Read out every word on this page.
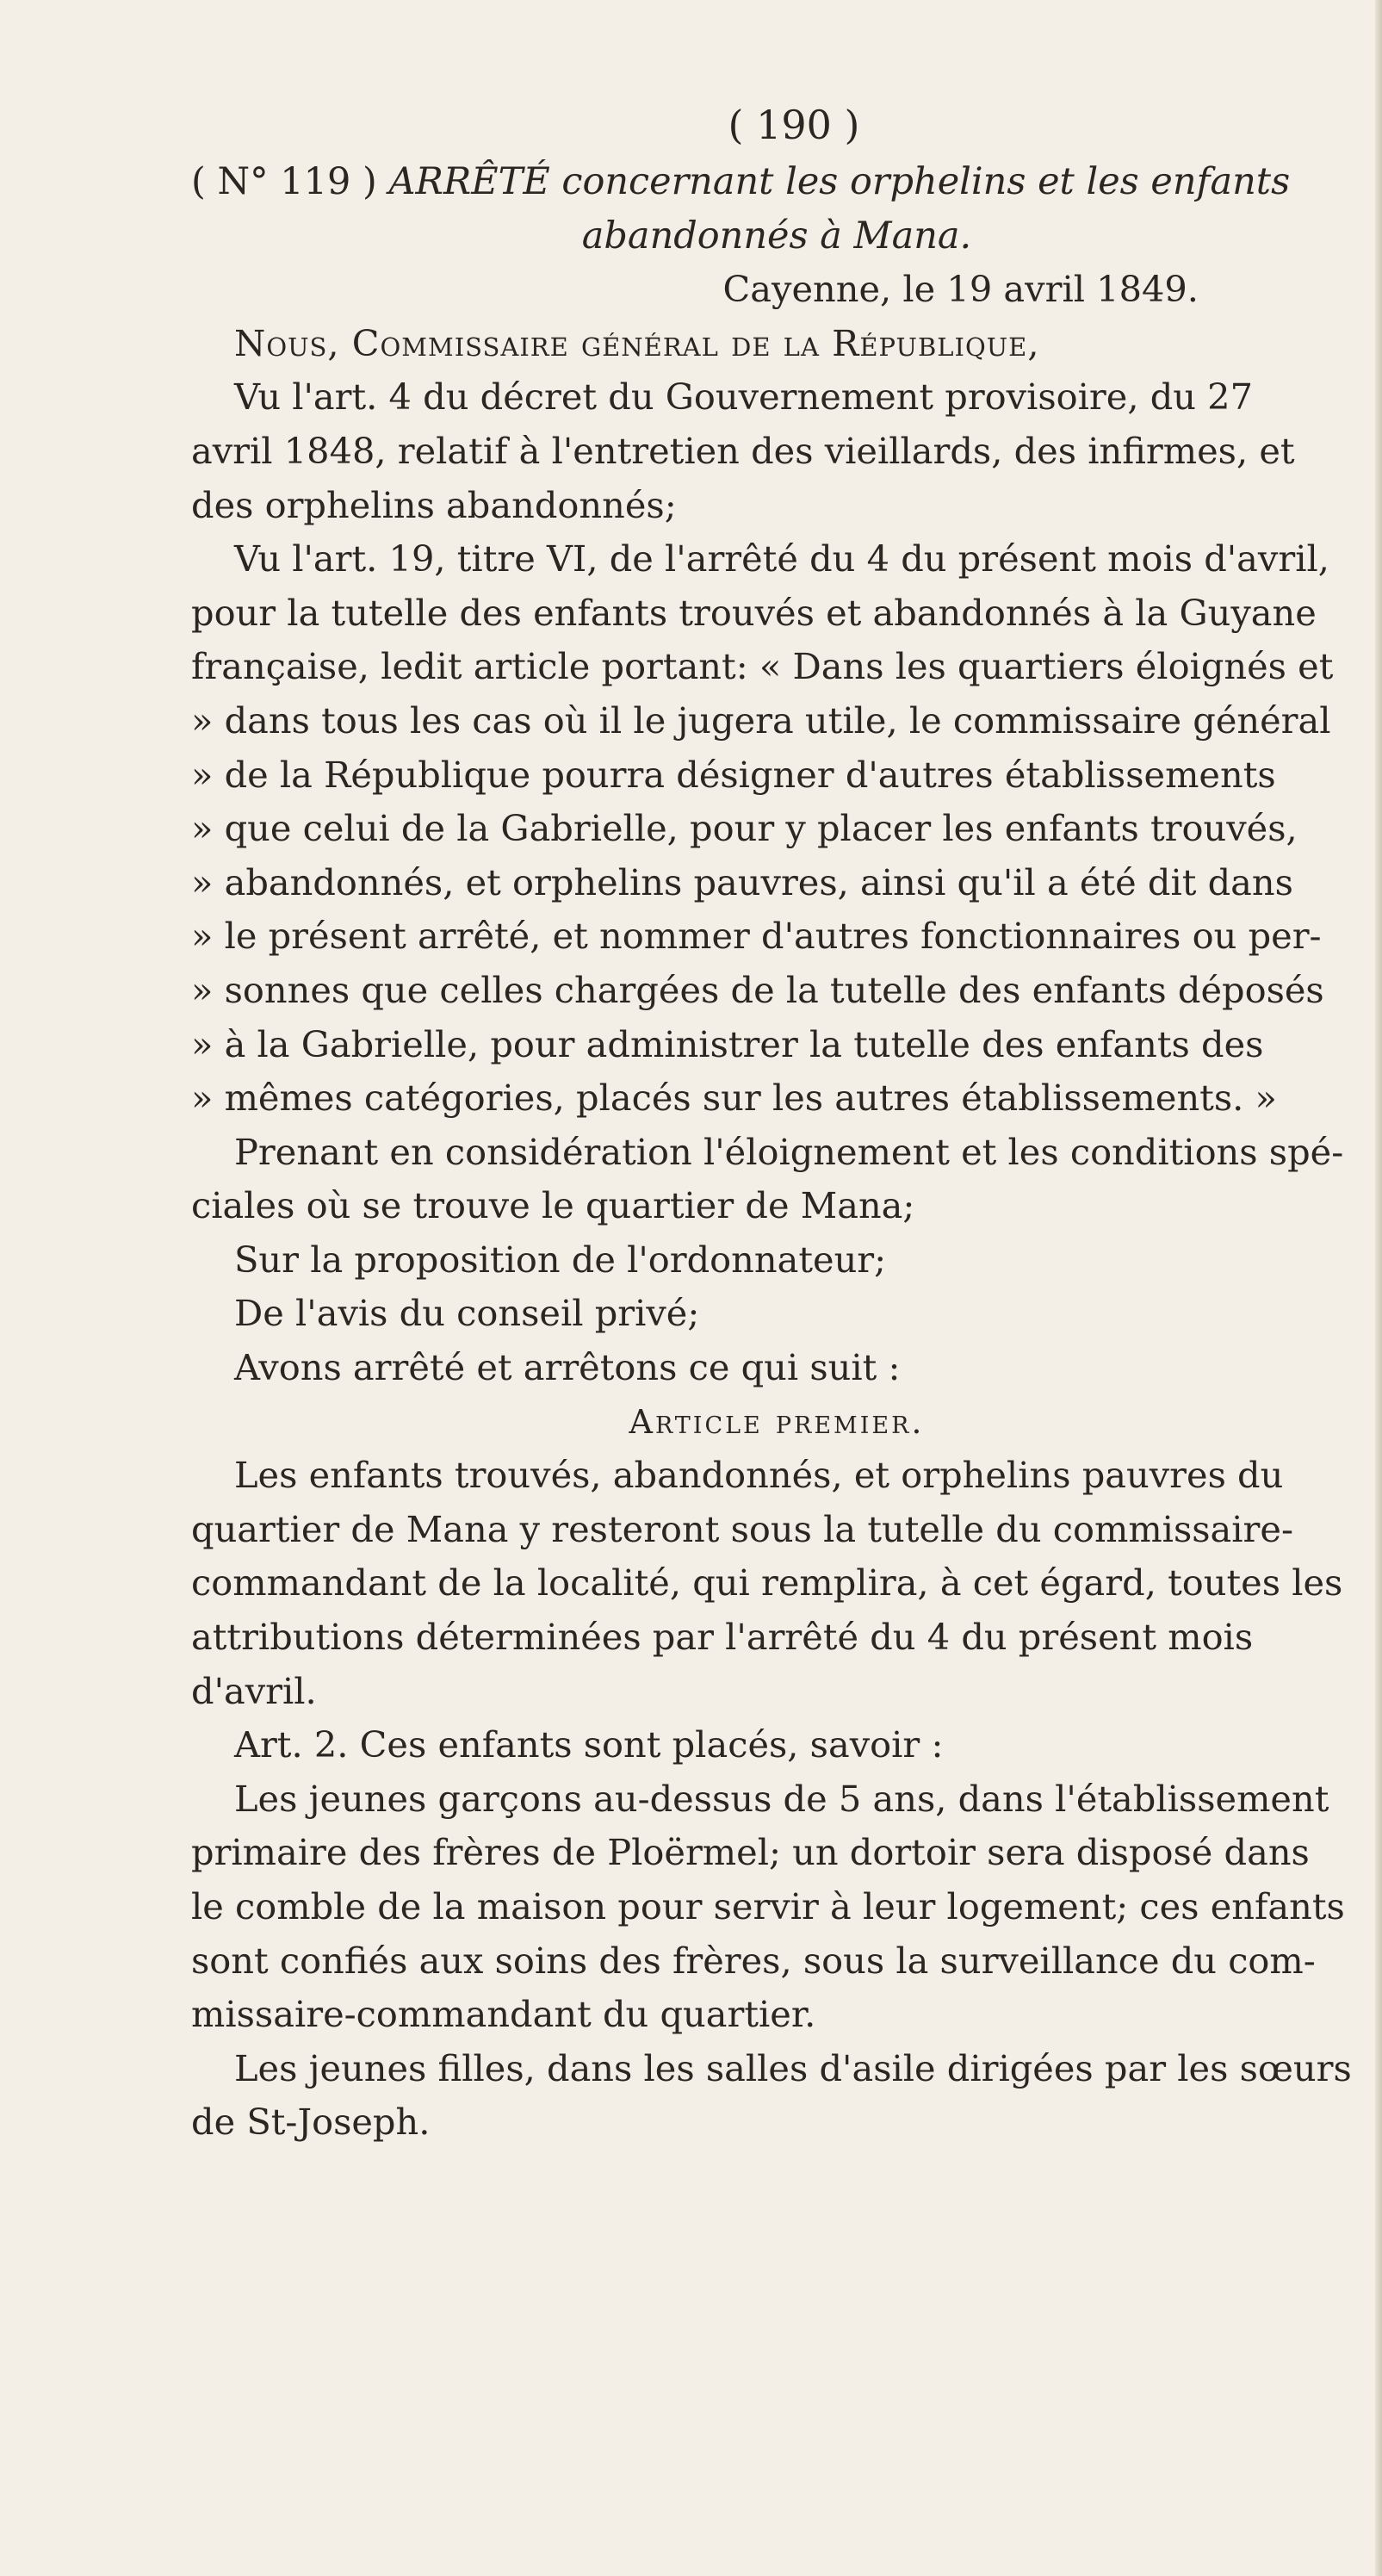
( 190 )
( N° 119 ) ARRÊTÉ concernant les orphelins et les enfants
abandonnés à Mana.
Cayenne, le 19 avril 1849.
Nous, Commissaire général de la République,
Vu l'art. 4 du décret du Gouvernement provisoire, du 27
avril 1848, relatif à l'entretien des vieillards, des infirmes, et
des orphelins abandonnés;
Vu l'art. 19, titre VI, de l'arrêté du 4 du présent mois d'avril,
pour la tutelle des enfants trouvés et abandonnés à la Guyane
française, ledit article portant: « Dans les quartiers éloignés et
» dans tous les cas où il le jugera utile, le commissaire général
» de la République pourra désigner d'autres établissements
» que celui de la Gabrielle, pour y placer les enfants trouvés,
» abandonnés, et orphelins pauvres, ainsi qu'il a été dit dans
» le présent arrêté, et nommer d'autres fonctionnaires ou per-
» sonnes que celles chargées de la tutelle des enfants déposés
» à la Gabrielle, pour administrer la tutelle des enfants des
» mêmes catégories, placés sur les autres établissements. »
Prenant en considération l'éloignement et les conditions spé-
ciales où se trouve le quartier de Mana;
Sur la proposition de l'ordonnateur;
De l'avis du conseil privé;
Avons arrêté et arrêtons ce qui suit :
Article premier.
Les enfants trouvés, abandonnés, et orphelins pauvres du
quartier de Mana y resteront sous la tutelle du commissaire-
commandant de la localité, qui remplira, à cet égard, toutes les
attributions déterminées par l'arrêté du 4 du présent mois
d'avril.
Art. 2. Ces enfants sont placés, savoir :
Les jeunes garçons au-dessus de 5 ans, dans l'établissement
primaire des frères de Ploërmel; un dortoir sera disposé dans
le comble de la maison pour servir à leur logement; ces enfants
sont confiés aux soins des frères, sous la surveillance du com-
missaire-commandant du quartier.
Les jeunes filles, dans les salles d'asile dirigées par les sœurs
de St-Joseph.
